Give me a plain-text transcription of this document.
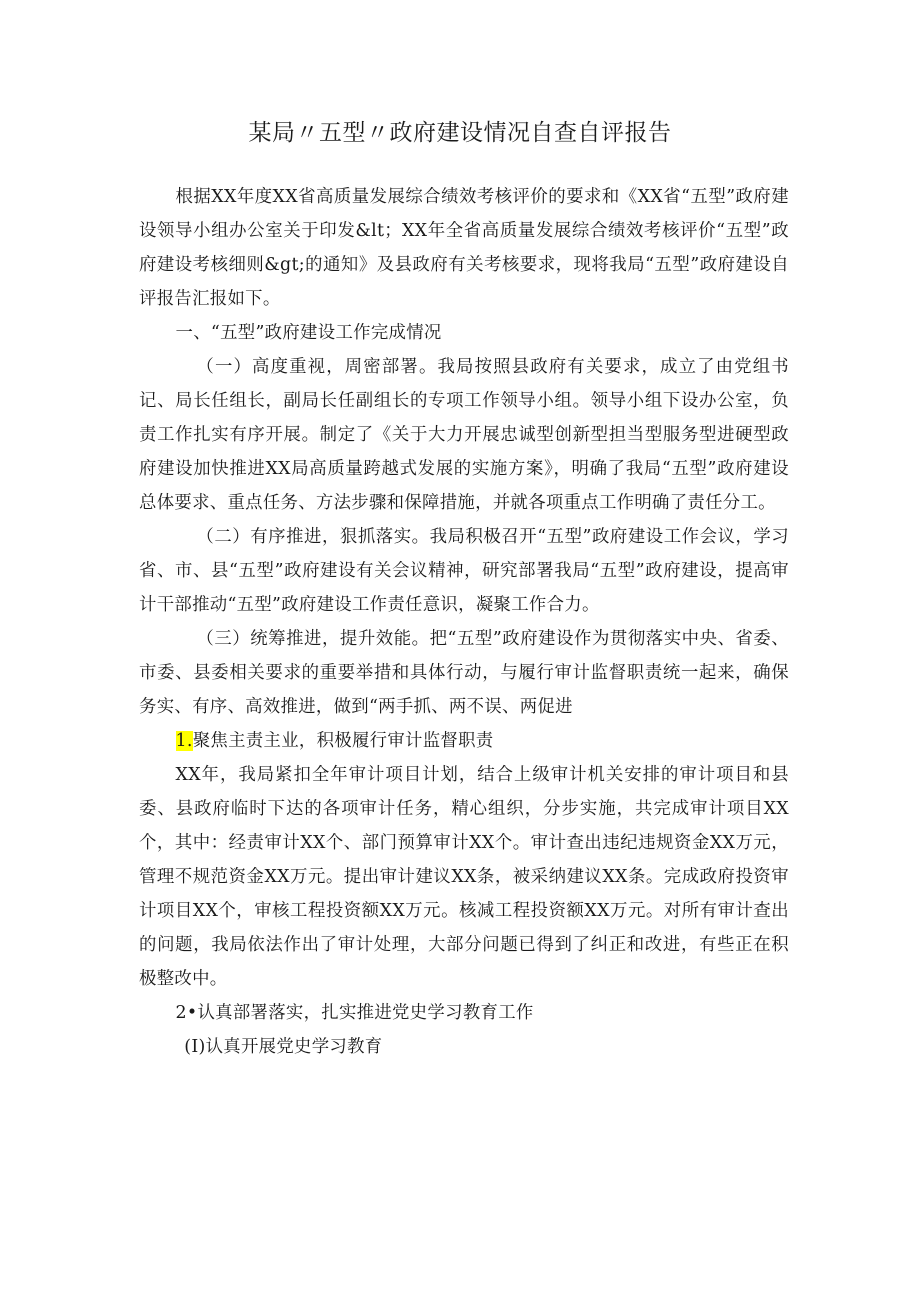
某局〃五型〃政府建设情况自查自评报告

根据XX年度XX省高质量发展综合绩效考核评价的要求和《XX省“五型”政府建设领导小组办公室关于印发&lt；XX年全省高质量发展综合绩效考核评价“五型”政府建设考核细则&gt;的通知》及县政府有关考核要求，现将我局“五型”政府建设自评报告汇报如下。

一、“五型”政府建设工作完成情况

（一）高度重视，周密部署。我局按照县政府有关要求，成立了由党组书记、局长任组长，副局长任副组长的专项工作领导小组。领导小组下设办公室，负责工作扎实有序开展。制定了《关于大力开展忠诚型创新型担当型服务型进硬型政府建设加快推进XX局高质量跨越式发展的实施方案》，明确了我局“五型”政府建设总体要求、重点任务、方法步骤和保障措施，并就各项重点工作明确了责任分工。

（二）有序推进，狠抓落实。我局积极召开“五型”政府建设工作会议，学习省、市、县“五型”政府建设有关会议精神，研究部署我局“五型”政府建设，提高审计干部推动“五型”政府建设工作责任意识，凝聚工作合力。

（三）统筹推进，提升效能。把“五型”政府建设作为贯彻落实中央、省委、市委、县委相关要求的重要举措和具体行动，与履行审计监督职责统一起来，确保务实、有序、高效推进，做到“两手抓、两不误、两促进

1.聚焦主责主业，积极履行审计监督职责

XX年，我局紧扣全年审计项目计划，结合上级审计机关安排的审计项目和县委、县政府临时下达的各项审计任务，精心组织，分步实施，共完成审计项目XX个，其中：经责审计XX个、部门预算审计XX个。审计查出违纪违规资金XX万元，管理不规范资金XX万元。提出审计建议XX条，被采纳建议XX条。完成政府投资审计项目XX个，审核工程投资额XX万元。核减工程投资额XX万元。对所有审计查出的问题，我局依法作出了审计处理，大部分问题已得到了纠正和改进，有些正在积极整改中。

2•认真部署落实，扎实推进党史学习教育工作

(I)认真开展党史学习教育
